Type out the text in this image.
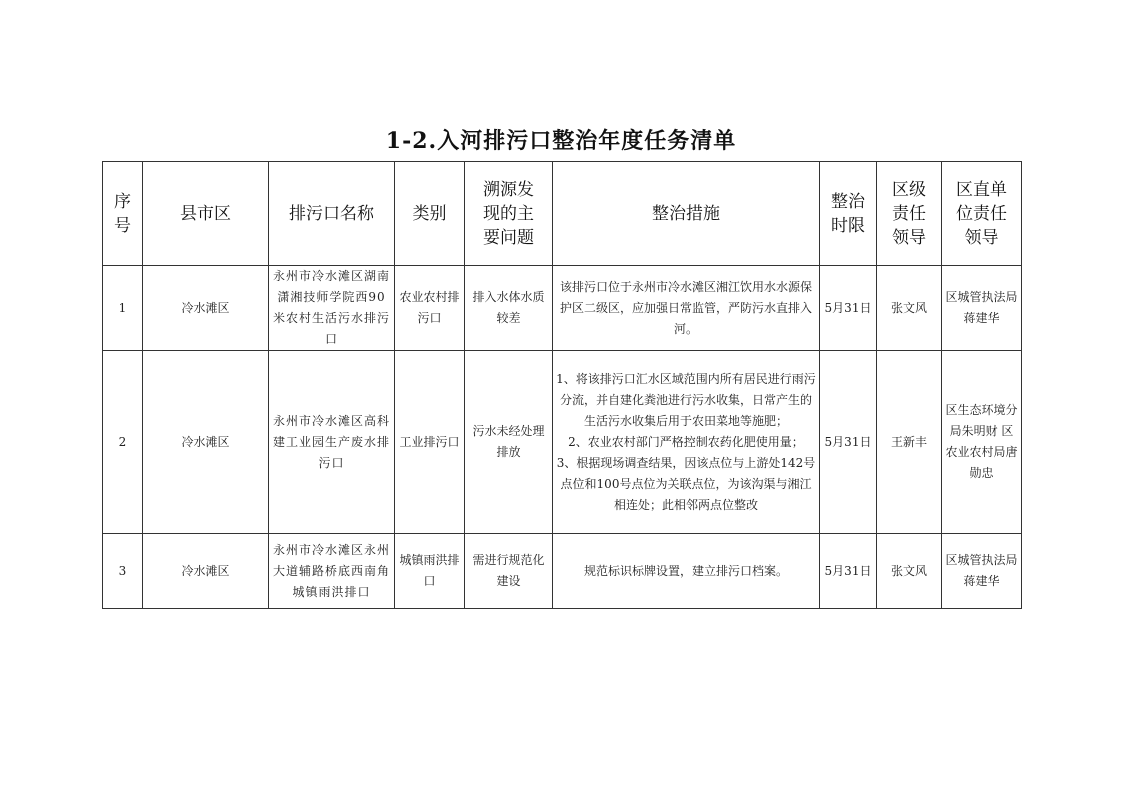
1-2.入河排污口整治年度任务清单
序号	县市区	排污口名称	类别	溯源发现的主要问题	整治措施	整治时限	区级责任领导	区直单位责任领导
1	冷水滩区	永州市冷水滩区湖南潇湘技师学院西90米农村生活污水排污口	农业农村排污口	排入水体水质较差	该排污口位于永州市冷水滩区湘江饮用水水源保护区二级区，应加强日常监管，严防污水直排入河。	5月31日	张文风	区城管执法局蒋建华
2	冷水滩区	永州市冷水滩区高科建工业园生产废水排污口	工业排污口	污水未经处理排放	1、将该排污口汇水区域范围内所有居民进行雨污分流，并自建化粪池进行污水收集，日常产生的生活污水收集后用于农田菜地等施肥；
2、农业农村部门严格控制农药化肥使用量；
3、根据现场调查结果，因该点位与上游处142号点位和100号点位为关联点位，为该沟渠与湘江相连处；此相邻两点位整改	5月31日	王新丰	区生态环境分局朱明财 区农业农村局唐勋忠
3	冷水滩区	永州市冷水滩区永州大道辅路桥底西南角城镇雨洪排口	城镇雨洪排口	需进行规范化建设	规范标识标牌设置，建立排污口档案。	5月31日	张文风	区城管执法局蒋建华
